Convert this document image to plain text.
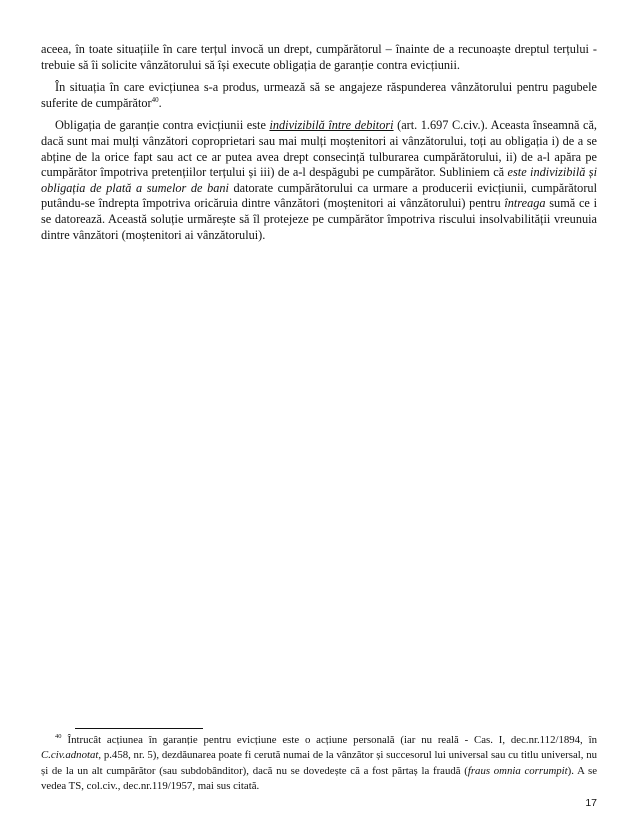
aceea, în toate situațiile în care terțul invocă un drept, cumpărătorul – înainte de a recunoaște dreptul terțului - trebuie să îi solicite vânzătorului să își execute obligația de garanție contra evicțiunii.

În situația în care evicțiunea s-a produs, urmează să se angajeze răspunderea vânzătorului pentru pagubele suferite de cumpărător$^{40}$.

Obligația de garanție contra evicțiunii este indivizibilă între debitori (art. 1.697 C.civ.). Aceasta înseamnă că, dacă sunt mai mulți vânzători coproprietari sau mai mulți moștenitori ai vânzătorului, toți au obligația i) de a se abține de la orice fapt sau act ce ar putea avea drept consecință tulburarea cumpărătorului, ii) de a-l apăra pe cumpărător împotriva pretențiilor terțului și iii) de a-l despăgubi pe cumpărător. Subliniem că este indivizibilă și obligația de plată a sumelor de bani datorate cumpărătorului ca urmare a producerii evicțiunii, cumpărătorul putându-se îndrepta împotriva oricăruia dintre vânzători (moștenitori ai vânzătorului) pentru întreaga sumă ce i se datorează. Această soluție urmărește să îl protejeze pe cumpărător împotriva riscului insolvabilității vreunuia dintre vânzători (moștenitori ai vânzătorului).

$^{40}$ Întrucât acțiunea în garanție pentru evicțiune este o acțiune personală (iar nu reală - Cas. I, dec.nr.112/1894, în C.civ.adnotat, p.458, nr. 5), dezdăunarea poate fi cerută numai de la vânzător și succesorul lui universal sau cu titlu universal, nu și de la un alt cumpărător (sau subdobânditor), dacă nu se dovedește că a fost părtaș la fraudă (fraus omnia corrumpit). A se vedea TS, col.civ., dec.nr.119/1957, mai sus citată.

17
